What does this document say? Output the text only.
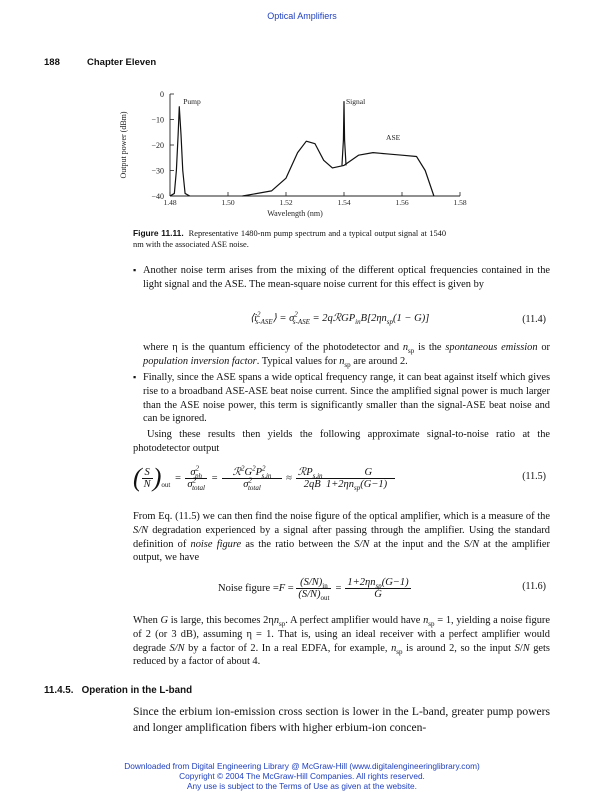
Optical Amplifiers
188	Chapter Eleven
0
−10
−20
−30
−40
1.48	1.50	1.52	1.54	1.56	1.58
Wavelength (nm)
Output power (dBm)
Pump	Signal
ASE
Figure 11.11. Representative 1480-nm pump spectrum and a typical output signal at 1540 nm with the associated ASE noise.
▪ Another noise term arises from the mixing of the different optical frequencies contained in the light signal and the ASE. The mean-square noise current for this effect is given by
$⟨i^2_{s-ASE}⟩ = \sigma^2_{s-ASE}$ = $2qℛGP_{in}B[2\eta n_{sp}(1 - G)]$	(11.4)
where η is the quantum efficiency of the photodetector and $n_{sp}$ is the spontaneous emission or population inversion factor. Typical values for $n_{sp}$ are around 2.
▪ Finally, since the ASE spans a wide optical frequency range, it can beat against itself which gives rise to a broadband ASE-ASE beat noise current. Since the amplified signal power is much larger than the ASE noise power, this term is significantly smaller than the signal-ASE beat noise and can be ignored.
Using these results then yields the following approximate signal-to-noise ratio at the photodetector output
( $\frac{S}{N}$ ) out
= $\frac{\sigma^2_{ph}}{\sigma^2_{total}} = \frac{ℛ^2G^2P^2_{s,in}}{\sigma^2_{total}}$ ≈ ℛP$_{s,in}$	G
2qB  $1+2\eta n_{sp}(G-1)$	(11.5)
From Eq. (11.5) we can then find the noise figure of the optical amplifier, which is a measure of the S/N degradation experienced by a signal after passing through the amplifier. Using the standard definition of noise figure as the ratio between the S/N at the input and the S/N at the amplifier output, we have
Noise figure = $F = \frac{(S/N)_{in}}{(S/N)_{out}} = \frac{1+2\eta n_{sp}(G-1)}{G}$	(11.6)
When G is large, this becomes $2\eta n_{sp}$. A perfect amplifier would have $n_{sp} = 1$, yielding a noise figure of 2 (or 3 dB), assuming η = 1. That is, using an ideal receiver with a perfect amplifier would degrade S/N by a factor of 2. In a real EDFA, for example, $n_{sp}$ is around 2, so the input S/N gets reduced by a factor of about 4.
11.4.5. Operation in the L-band
Since the erbium ion-emission cross section is lower in the L-band, greater pump powers and longer amplification fibers with higher erbium-ion concen-
Downloaded from Digital Engineering Library @ McGraw-Hill (www.digitalengineeringlibrary.com)
Copyright © 2004 The McGraw-Hill Companies. All rights reserved.
Any use is subject to the Terms of Use as given at the website.
